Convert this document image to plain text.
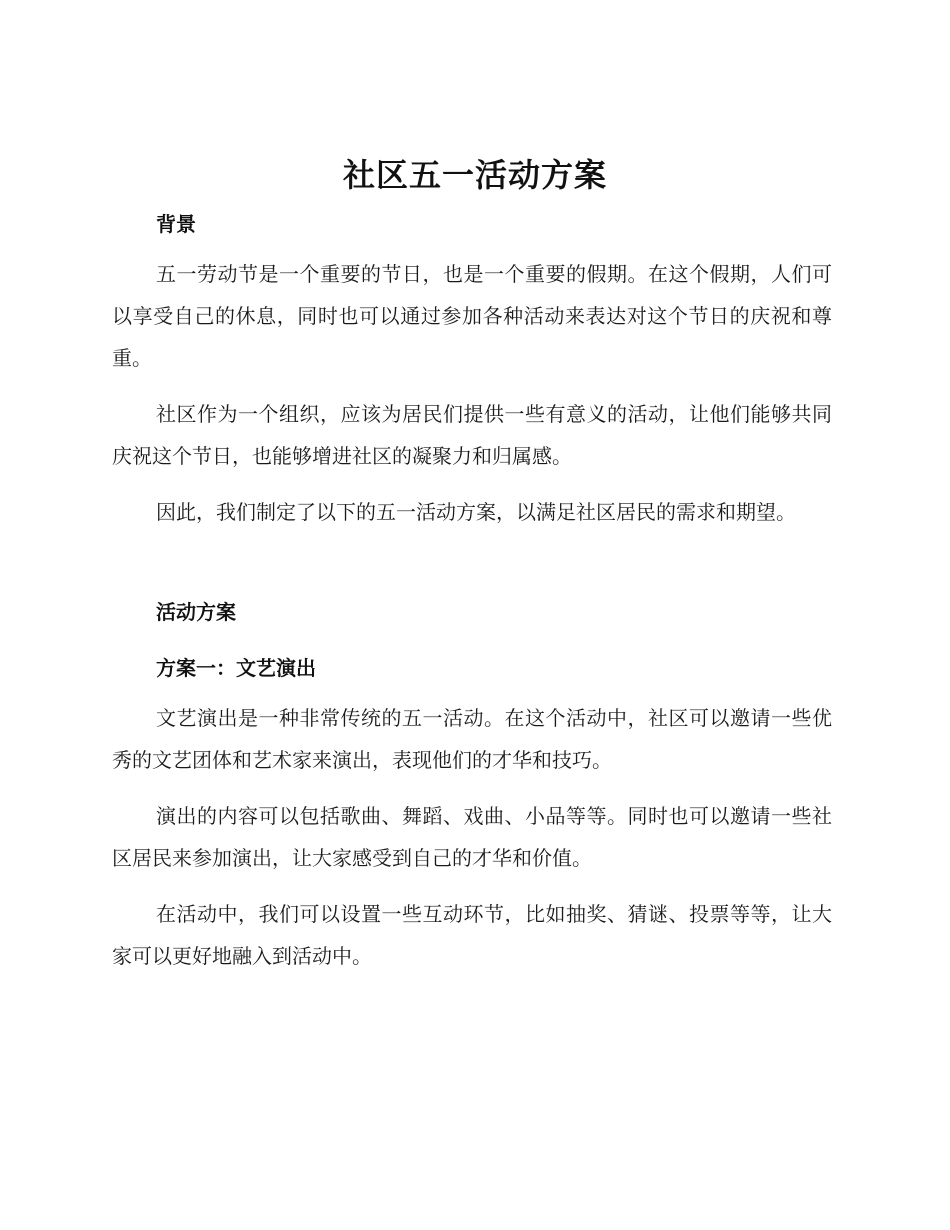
社区五一活动方案
背景

五一劳动节是一个重要的节日，也是一个重要的假期。在这个假期，人们可以享受自己的休息，同时也可以通过参加各种活动来表达对这个节日的庆祝和尊重。

社区作为一个组织，应该为居民们提供一些有意义的活动，让他们能够共同庆祝这个节日，也能够增进社区的凝聚力和归属感。

因此，我们制定了以下的五一活动方案，以满足社区居民的需求和期望。

活动方案
方案一：文艺演出

文艺演出是一种非常传统的五一活动。在这个活动中，社区可以邀请一些优秀的文艺团体和艺术家来演出，表现他们的才华和技巧。

演出的内容可以包括歌曲、舞蹈、戏曲、小品等等。同时也可以邀请一些社区居民来参加演出，让大家感受到自己的才华和价值。

在活动中，我们可以设置一些互动环节，比如抽奖、猜谜、投票等等，让大家可以更好地融入到活动中。
